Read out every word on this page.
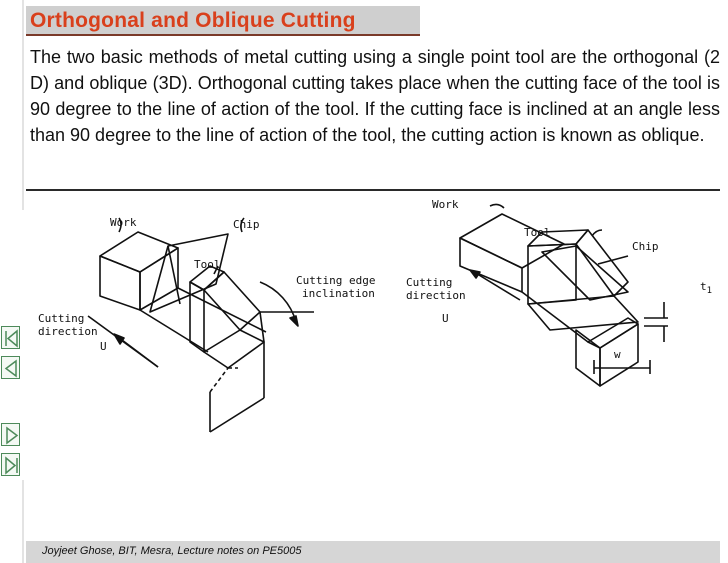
Orthogonal and Oblique Cutting
The two basic methods of metal cutting using a single point tool are the orthogonal (2 D) and oblique (3D). Orthogonal cutting takes place when the cutting face of the tool is 90 degree to the line of action of the tool. If the cutting face is inclined at an angle less than 90 degree to the line of action of the tool, the cutting action is known as oblique.
Work	Chip
Tool
Cutting
direction
U
Cutting edge
inclination
Cutting
direction
U
Work
Tool
Chip
$t_1$
w
Joyjeet Ghose, BIT, Mesra, Lecture notes on PE5005
